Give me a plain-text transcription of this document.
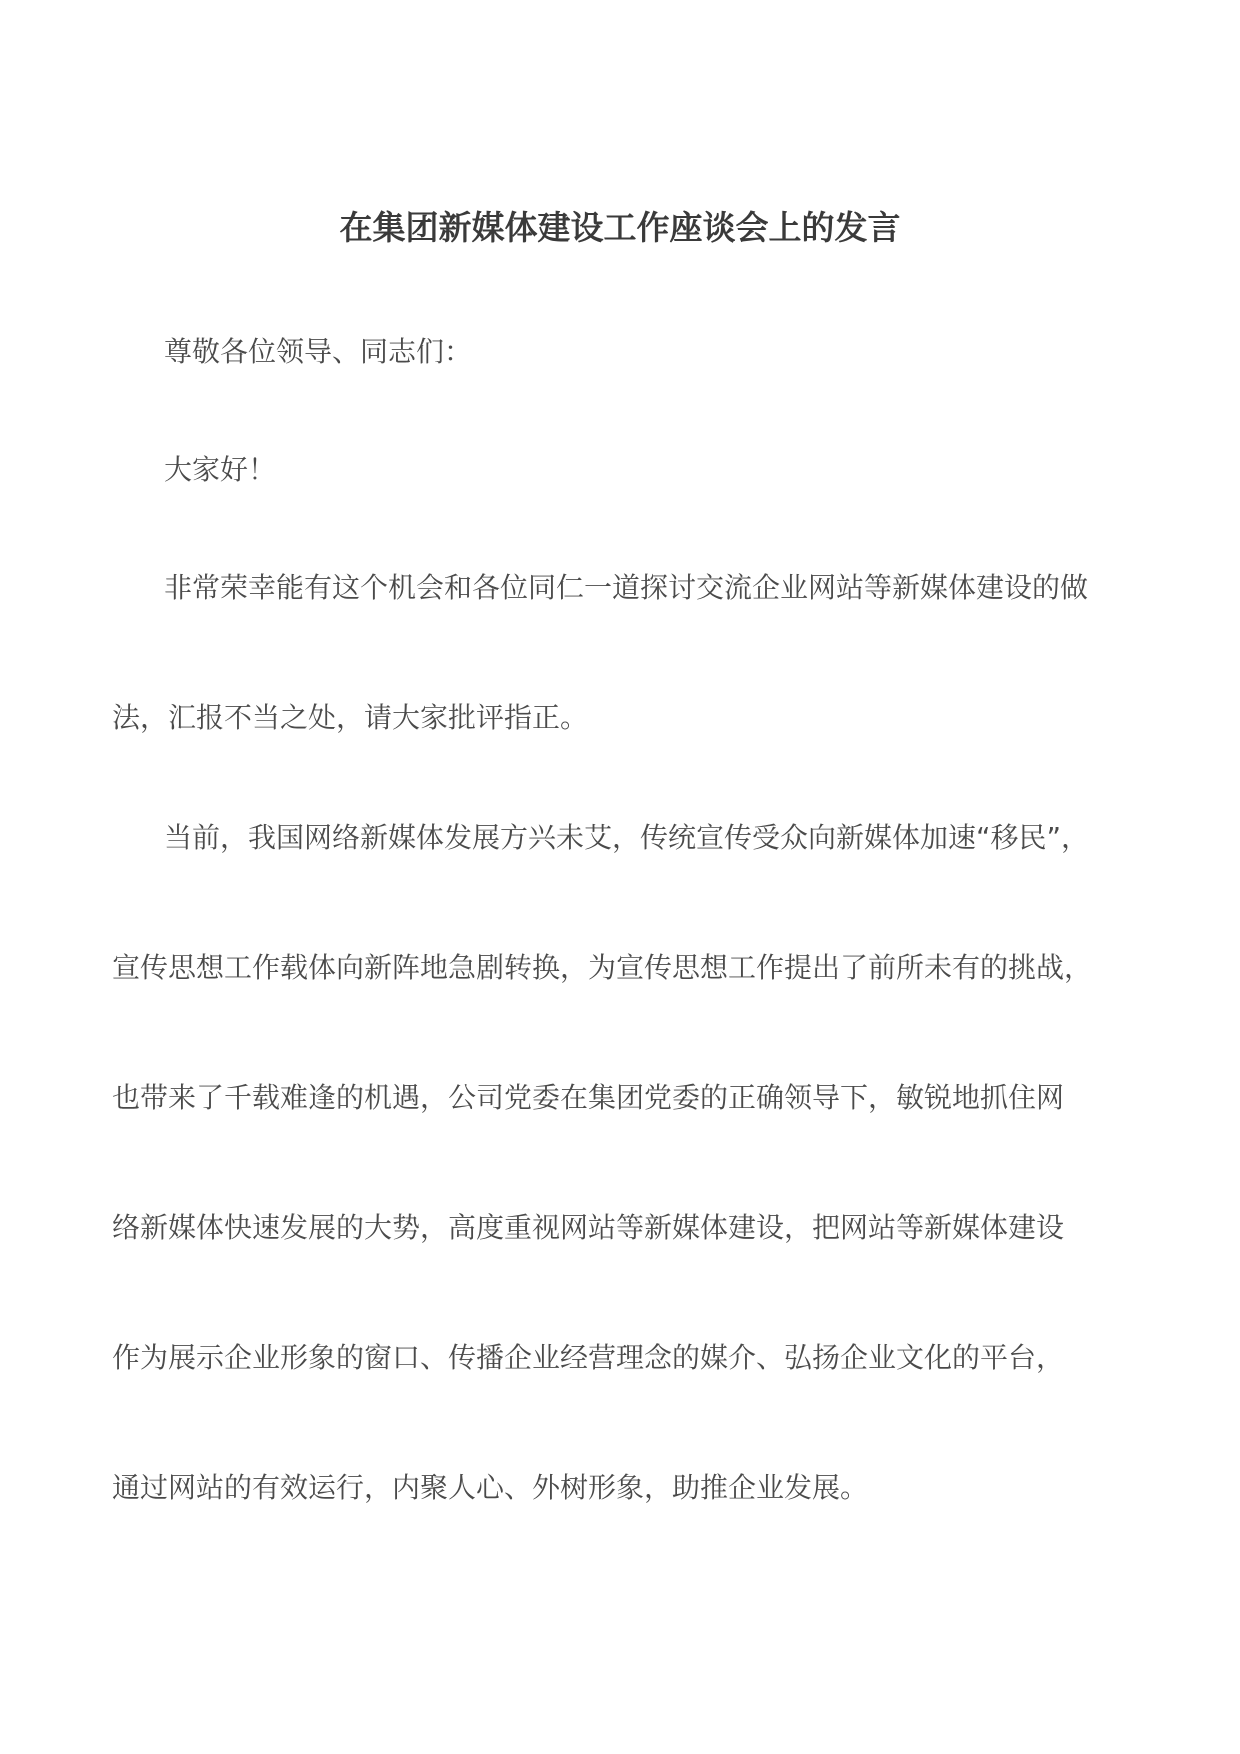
在集团新媒体建设工作座谈会上的发言
尊敬各位领导、同志们：
大家好！
非常荣幸能有这个机会和各位同仁一道探讨交流企业网站等新媒体建设的做
法，汇报不当之处，请大家批评指正。
当前，我国网络新媒体发展方兴未艾，传统宣传受众向新媒体加速“移民”，
宣传思想工作载体向新阵地急剧转换，为宣传思想工作提出了前所未有的挑战，
也带来了千载难逢的机遇，公司党委在集团党委的正确领导下，敏锐地抓住网
络新媒体快速发展的大势，高度重视网站等新媒体建设，把网站等新媒体建设
作为展示企业形象的窗口、传播企业经营理念的媒介、弘扬企业文化的平台，
通过网站的有效运行，内聚人心、外树形象，助推企业发展。
